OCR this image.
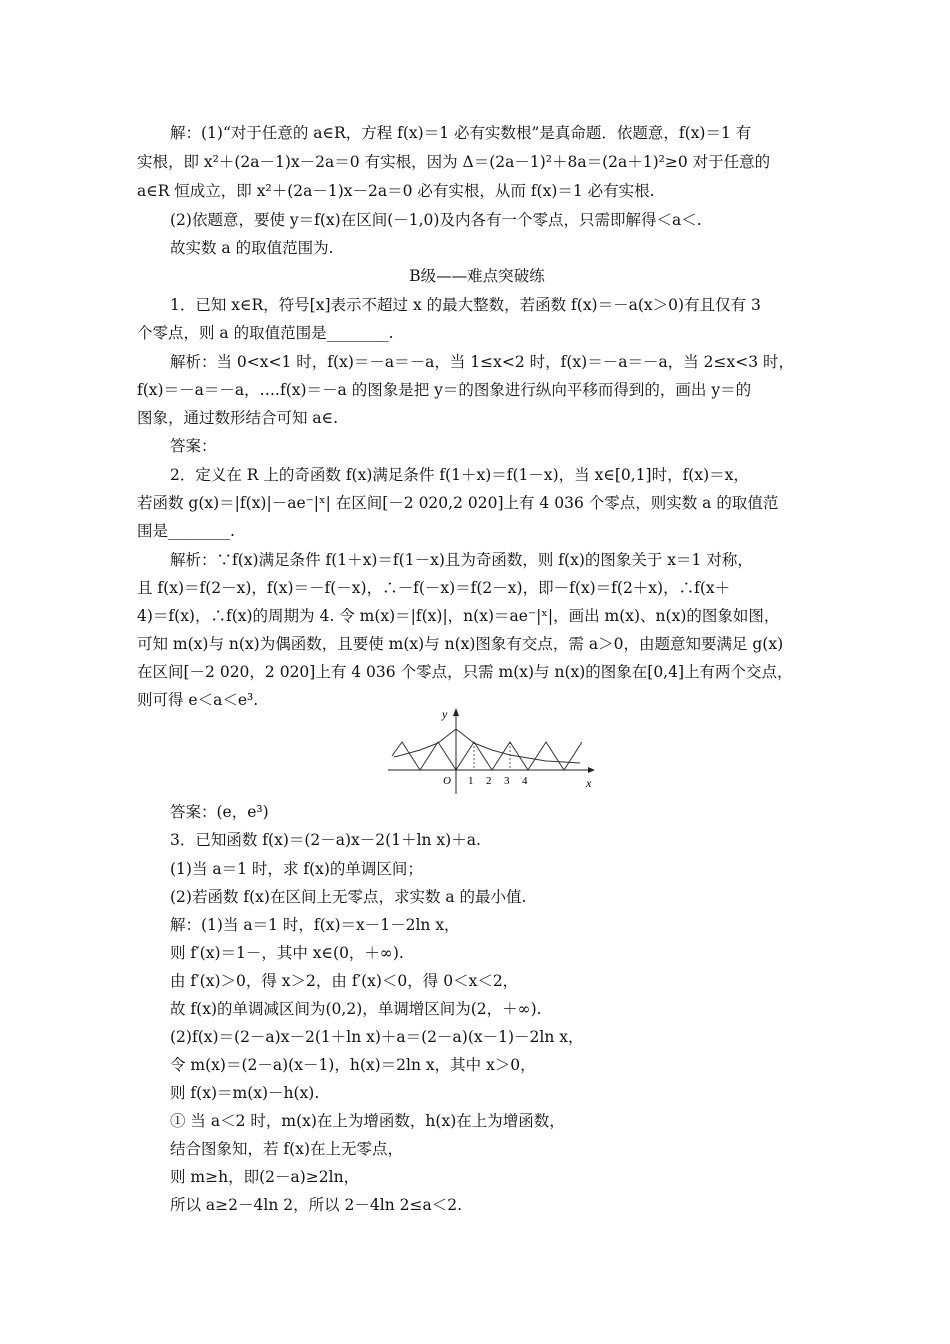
解：(1)“对于任意的 a∈R，方程 f(x)＝1 必有实数根”是真命题．依题意，f(x)＝1 有
实根，即 x²＋(2a－1)x－2a＝0 有实根，因为 Δ＝(2a－1)²＋8a＝(2a＋1)²≥0 对于任意的
a∈R 恒成立，即 x²＋(2a－1)x－2a＝0 必有实根，从而 f(x)＝1 必有实根.
(2)依题意，要使 y＝f(x)在区间(－1,0)及内各有一个零点，只需即解得＜a＜.
故实数 a 的取值范围为.
B级——难点突破练
1．已知 x∈R，符号[x]表示不超过 x 的最大整数，若函数 f(x)＝－a(x＞0)有且仅有 3
个零点，则 a 的取值范围是________.
解析：当 0<x<1 时，f(x)＝－a＝－a，当 1≤x<2 时，f(x)＝－a＝－a，当 2≤x<3 时，
f(x)＝－a＝－a，….f(x)＝－a 的图象是把 y＝的图象进行纵向平移而得到的，画出 y＝的
图象，通过数形结合可知 a∈.
答案：
2．定义在 R 上的奇函数 f(x)满足条件 f(1＋x)＝f(1－x)，当 x∈[0,1]时，f(x)＝x，
若函数 g(x)＝|f(x)|－ae⁻|ˣ| 在区间[－2 020,2 020]上有 4 036 个零点，则实数 a 的取值范
围是________.
解析：∵f(x)满足条件 f(1＋x)＝f(1－x)且为奇函数，则 f(x)的图象关于 x＝1 对称，
且 f(x)＝f(2－x)，f(x)＝－f(－x)，∴－f(－x)＝f(2－x)，即－f(x)＝f(2＋x)，∴f(x＋
4)＝f(x)，∴f(x)的周期为 4. 令 m(x)＝|f(x)|，n(x)＝ae⁻|ˣ|，画出 m(x)、n(x)的图象如图，
可知 m(x)与 n(x)为偶函数，且要使 m(x)与 n(x)图象有交点，需 a＞0，由题意知要满足 g(x)
在区间[－2 020，2 020]上有 4 036 个零点，只需 m(x)与 n(x)的图象在[0,4]上有两个交点，
则可得 e＜a＜e³.
y
x
O 1 2 3 4
答案：(e，e³)
3．已知函数 f(x)＝(2－a)x－2(1＋ln x)＋a.
(1)当 a＝1 时，求 f(x)的单调区间；
(2)若函数 f(x)在区间上无零点，求实数 a 的最小值.
解：(1)当 a＝1 时，f(x)＝x－1－2ln x，
则 f′(x)＝1－，其中 x∈(0，＋∞).
由 f′(x)＞0，得 x＞2，由 f′(x)＜0，得 0＜x＜2，
故 f(x)的单调减区间为(0,2)，单调增区间为(2，＋∞).
(2)f(x)＝(2－a)x－2(1＋ln x)＋a＝(2－a)(x－1)－2ln x，
令 m(x)＝(2－a)(x－1)，h(x)＝2ln x，其中 x＞0，
则 f(x)＝m(x)－h(x).
① 当 a＜2 时，m(x)在上为增函数，h(x)在上为增函数，
结合图象知，若 f(x)在上无零点，
则 m≥h，即(2－a)≥2ln，
所以 a≥2－4ln 2，所以 2－4ln 2≤a＜2.
